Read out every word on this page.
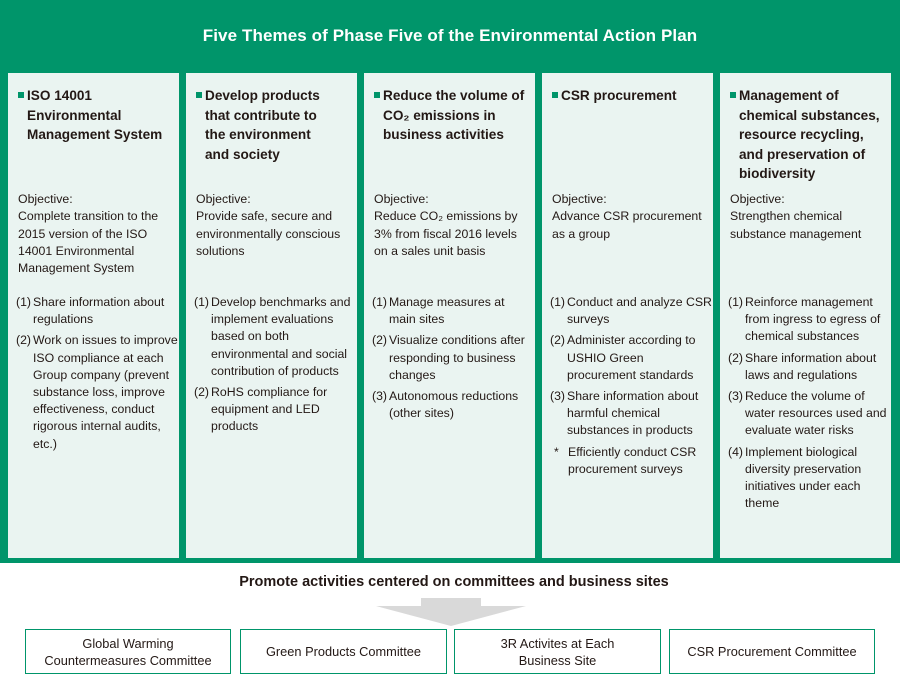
Five Themes of Phase Five of the Environmental Action Plan
ISO 14001 Environmental Management System
Objective:
Complete transition to the 2015 version of the ISO 14001 Environmental Management System
(1) Share information about regulations
(2) Work on issues to improve ISO compliance at each Group company (prevent substance loss, improve effectiveness, conduct rigorous internal audits, etc.)
Develop products that contribute to the environment and society
Objective:
Provide safe, secure and environmentally conscious solutions
(1) Develop benchmarks and implement evaluations based on both environmental and social contribution of products
(2) RoHS compliance for equipment and LED products
Reduce the volume of CO₂ emissions in business activities
Objective:
Reduce CO₂ emissions by 3% from fiscal 2016 levels on a sales unit basis
(1) Manage measures at main sites
(2) Visualize conditions after responding to business changes
(3) Autonomous reductions (other sites)
CSR procurement
Objective:
Advance CSR procurement as a group
(1) Conduct and analyze CSR surveys
(2) Administer according to USHIO Green procurement standards
(3) Share information about harmful chemical substances in products
* Efficiently conduct CSR procurement surveys
Management of chemical substances, resource recycling, and preservation of biodiversity
Objective:
Strengthen chemical substance management
(1) Reinforce management from ingress to egress of chemical substances
(2) Share information about laws and regulations
(3) Reduce the volume of water resources used and evaluate water risks
(4) Implement biological diversity preservation initiatives under each theme
Promote activities centered on committees and business sites
Global Warming Countermeasures Committee
Green Products Committee
3R Activites at Each Business Site
CSR Procurement Committee
